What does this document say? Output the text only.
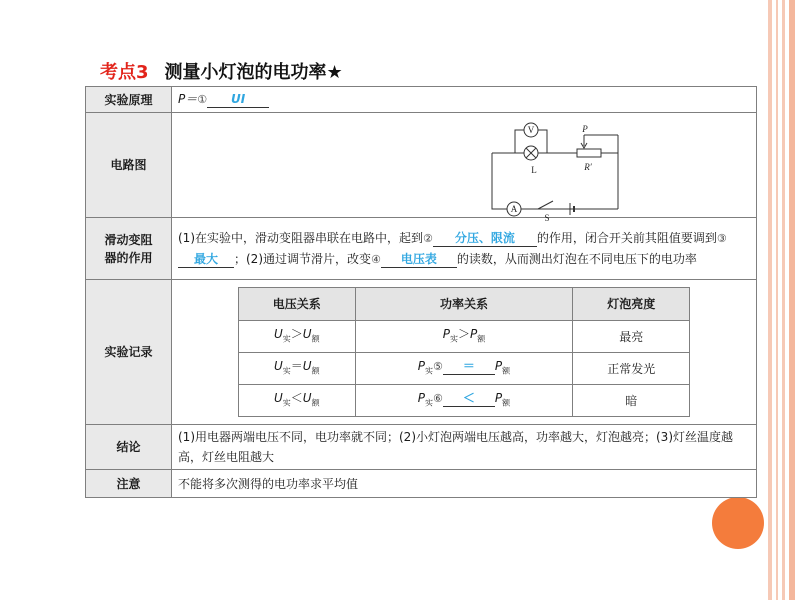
考点3 测量小灯泡的电功率★
实验原理	P＝① UI
电路图	
V
A
L
S
P
R′

滑动变阻
器的作用	(1)在实验中，滑动变阻器串联在电路中，起到② 分压、限流 的作用，闭合开关前其阻值要调到③最大 ；(2)通过调节滑片，改变④ 电压表 的读数，从而测出灯泡在不同电压下的电功率
实验记录	
电压关系	功率关系	灯泡亮度
$U_实>U_额$	$P_实>P_额$	最亮
$U_实=U_额$	$P_实⑤ = P_额$	正常发光
$U_实<U_额$	$P_实⑥ < P_额$	暗

结论	(1)用电器两端电压不同，电功率就不同；(2)小灯泡两端电压越高，功率越大，灯泡越亮；(3)灯丝温度越高，灯丝电阻越大
注意	不能将多次测得的电功率求平均值
